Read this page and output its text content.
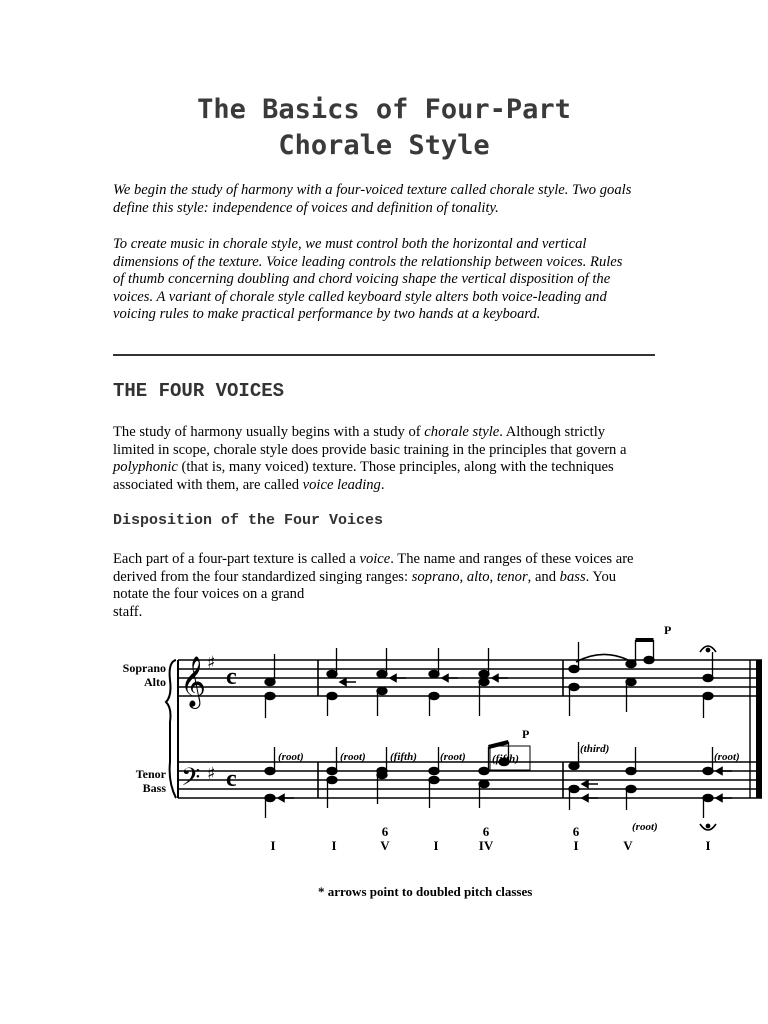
The Basics of Four-Part
Chorale Style

We begin the study of harmony with a four-voiced texture called chorale style. Two goals
define this style: independence of voices and definition of tonality.

To create music in chorale style, we must control both the horizontal and vertical
dimensions of the texture. Voice leading controls the relationship between voices. Rules
of thumb concerning doubling and chord voicing shape the vertical disposition of the
voices. A variant of chorale style called keyboard style alters both voice-leading and
voicing rules to make practical performance by two hands at a keyboard.

THE FOUR VOICES

The study of harmony usually begins with a study of chorale style. Although strictly
limited in scope, chorale style does provide basic training in the principles that govern a
polyphonic (that is, many voiced) texture. Those principles, along with the techniques
associated with them, are called voice leading.

Disposition of the Four Voices

Each part of a four-part texture is called a voice. The name and ranges of these voices are
derived from the four standardized singing ranges: soprano, alto, tenor, and bass. You
notate the four voices on a grand
staff.

Soprano
Alto
Tenor
Bass
𝄞
𝄢
♯
♯
c
c
(root)	(root) (fifth) (root) (fifth)
(third)
(root)
(root)
P
P
6	6	6
I	I	V	I	IV	I	V	I

* arrows point to doubled pitch classes
